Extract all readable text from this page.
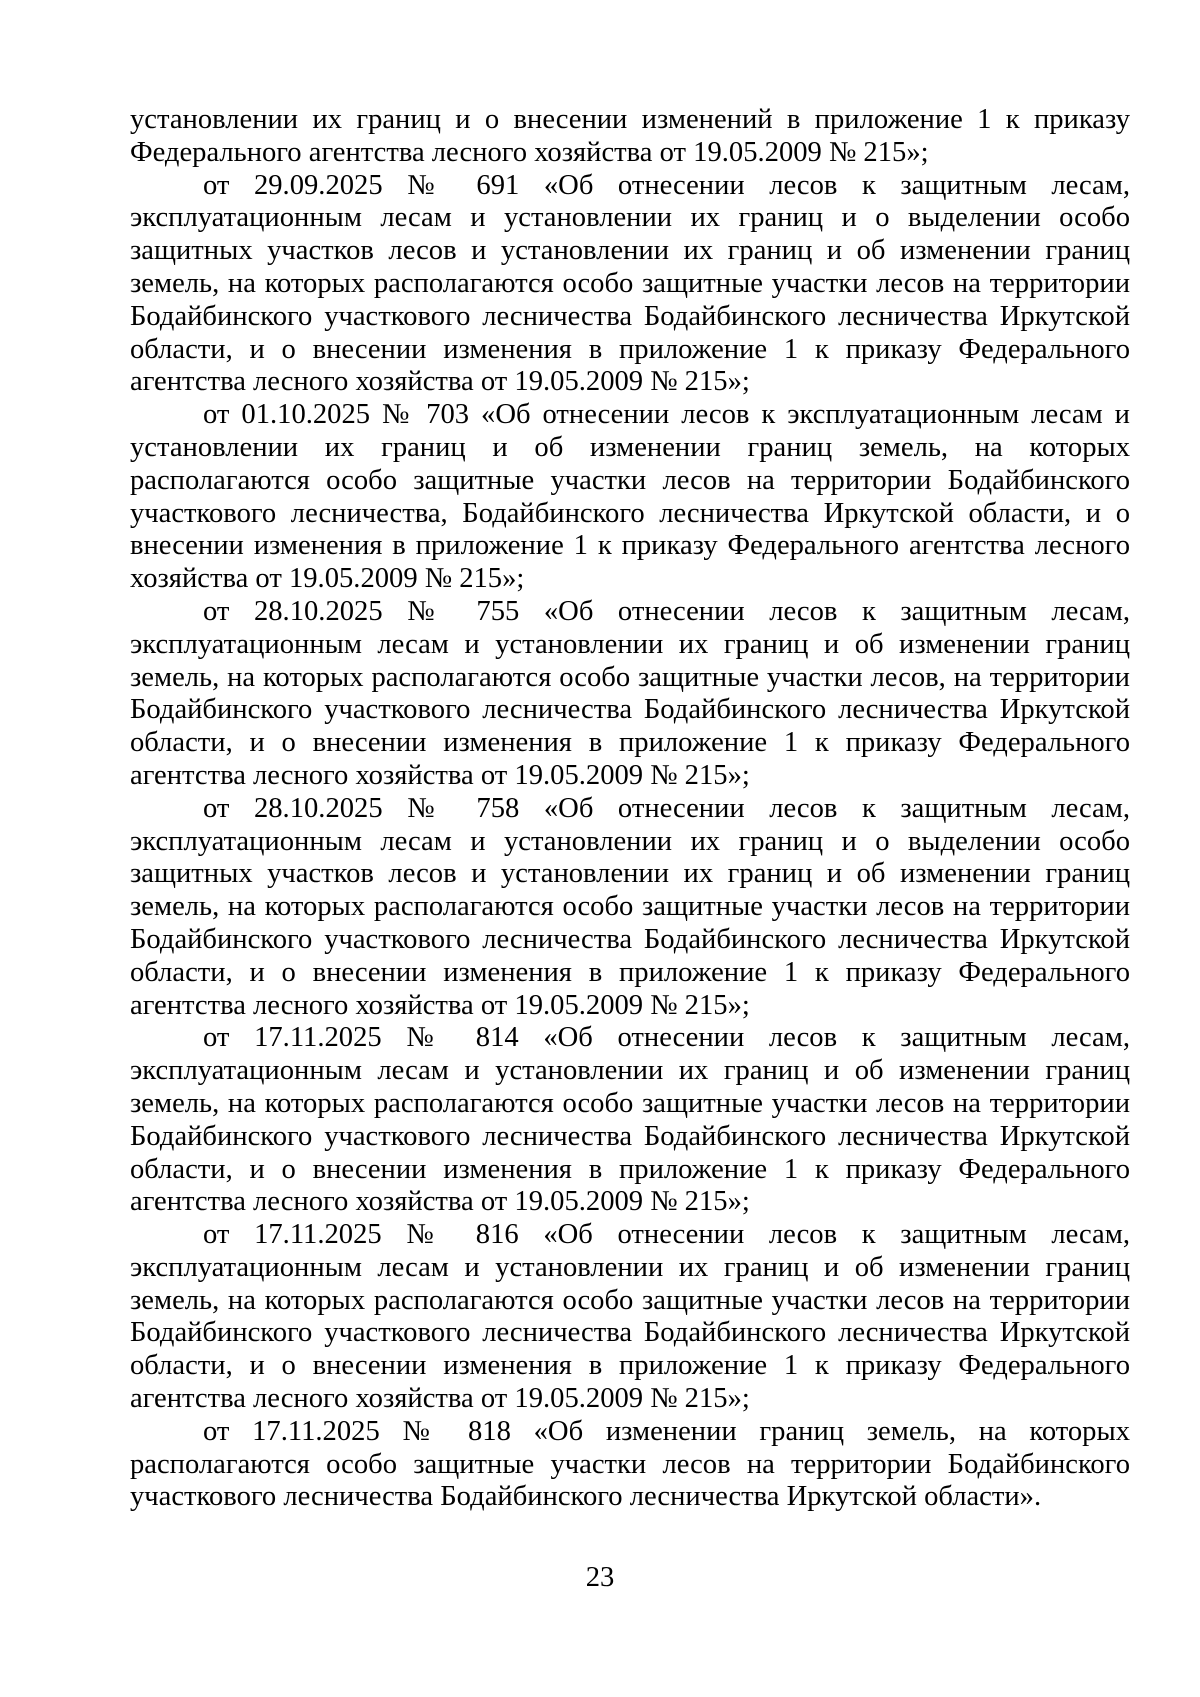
установлении их границ и о внесении изменений в приложение 1 к приказу Федерального агентства лесного хозяйства от 19.05.2009 № 215»;

от 29.09.2025 № 691 «Об отнесении лесов к защитным лесам, эксплуатационным лесам и установлении их границ и о выделении особо защитных участков лесов и установлении их границ и об изменении границ земель, на которых располагаются особо защитные участки лесов на территории Бодайбинского участкового лесничества Бодайбинского лесничества Иркутской области, и о внесении изменения в приложение 1 к приказу Федерального агентства лесного хозяйства от 19.05.2009 № 215»;

от 01.10.2025 № 703 «Об отнесении лесов к эксплуатационным лесам и установлении их границ и об изменении границ земель, на которых располагаются особо защитные участки лесов на территории Бодайбинского участкового лесничества, Бодайбинского лесничества Иркутской области, и о внесении изменения в приложение 1 к приказу Федерального агентства лесного хозяйства от 19.05.2009 № 215»;

от 28.10.2025 № 755 «Об отнесении лесов к защитным лесам, эксплуатационным лесам и установлении их границ и об изменении границ земель, на которых располагаются особо защитные участки лесов, на территории Бодайбинского участкового лесничества Бодайбинского лесничества Иркутской области, и о внесении изменения в приложение 1 к приказу Федерального агентства лесного хозяйства от 19.05.2009 № 215»;

от 28.10.2025 № 758 «Об отнесении лесов к защитным лесам, эксплуатационным лесам и установлении их границ и о выделении особо защитных участков лесов и установлении их границ и об изменении границ земель, на которых располагаются особо защитные участки лесов на территории Бодайбинского участкового лесничества Бодайбинского лесничества Иркутской области, и о внесении изменения в приложение 1 к приказу Федерального агентства лесного хозяйства от 19.05.2009 № 215»;

от 17.11.2025 № 814 «Об отнесении лесов к защитным лесам, эксплуатационным лесам и установлении их границ и об изменении границ земель, на которых располагаются особо защитные участки лесов на территории Бодайбинского участкового лесничества Бодайбинского лесничества Иркутской области, и о внесении изменения в приложение 1 к приказу Федерального агентства лесного хозяйства от 19.05.2009 № 215»;

от 17.11.2025 № 816 «Об отнесении лесов к защитным лесам, эксплуатационным лесам и установлении их границ и об изменении границ земель, на которых располагаются особо защитные участки лесов на территории Бодайбинского участкового лесничества Бодайбинского лесничества Иркутской области, и о внесении изменения в приложение 1 к приказу Федерального агентства лесного хозяйства от 19.05.2009 № 215»;

от 17.11.2025 № 818 «Об изменении границ земель, на которых располагаются особо защитные участки лесов на территории Бодайбинского участкового лесничества Бодайбинского лесничества Иркутской области».

23
